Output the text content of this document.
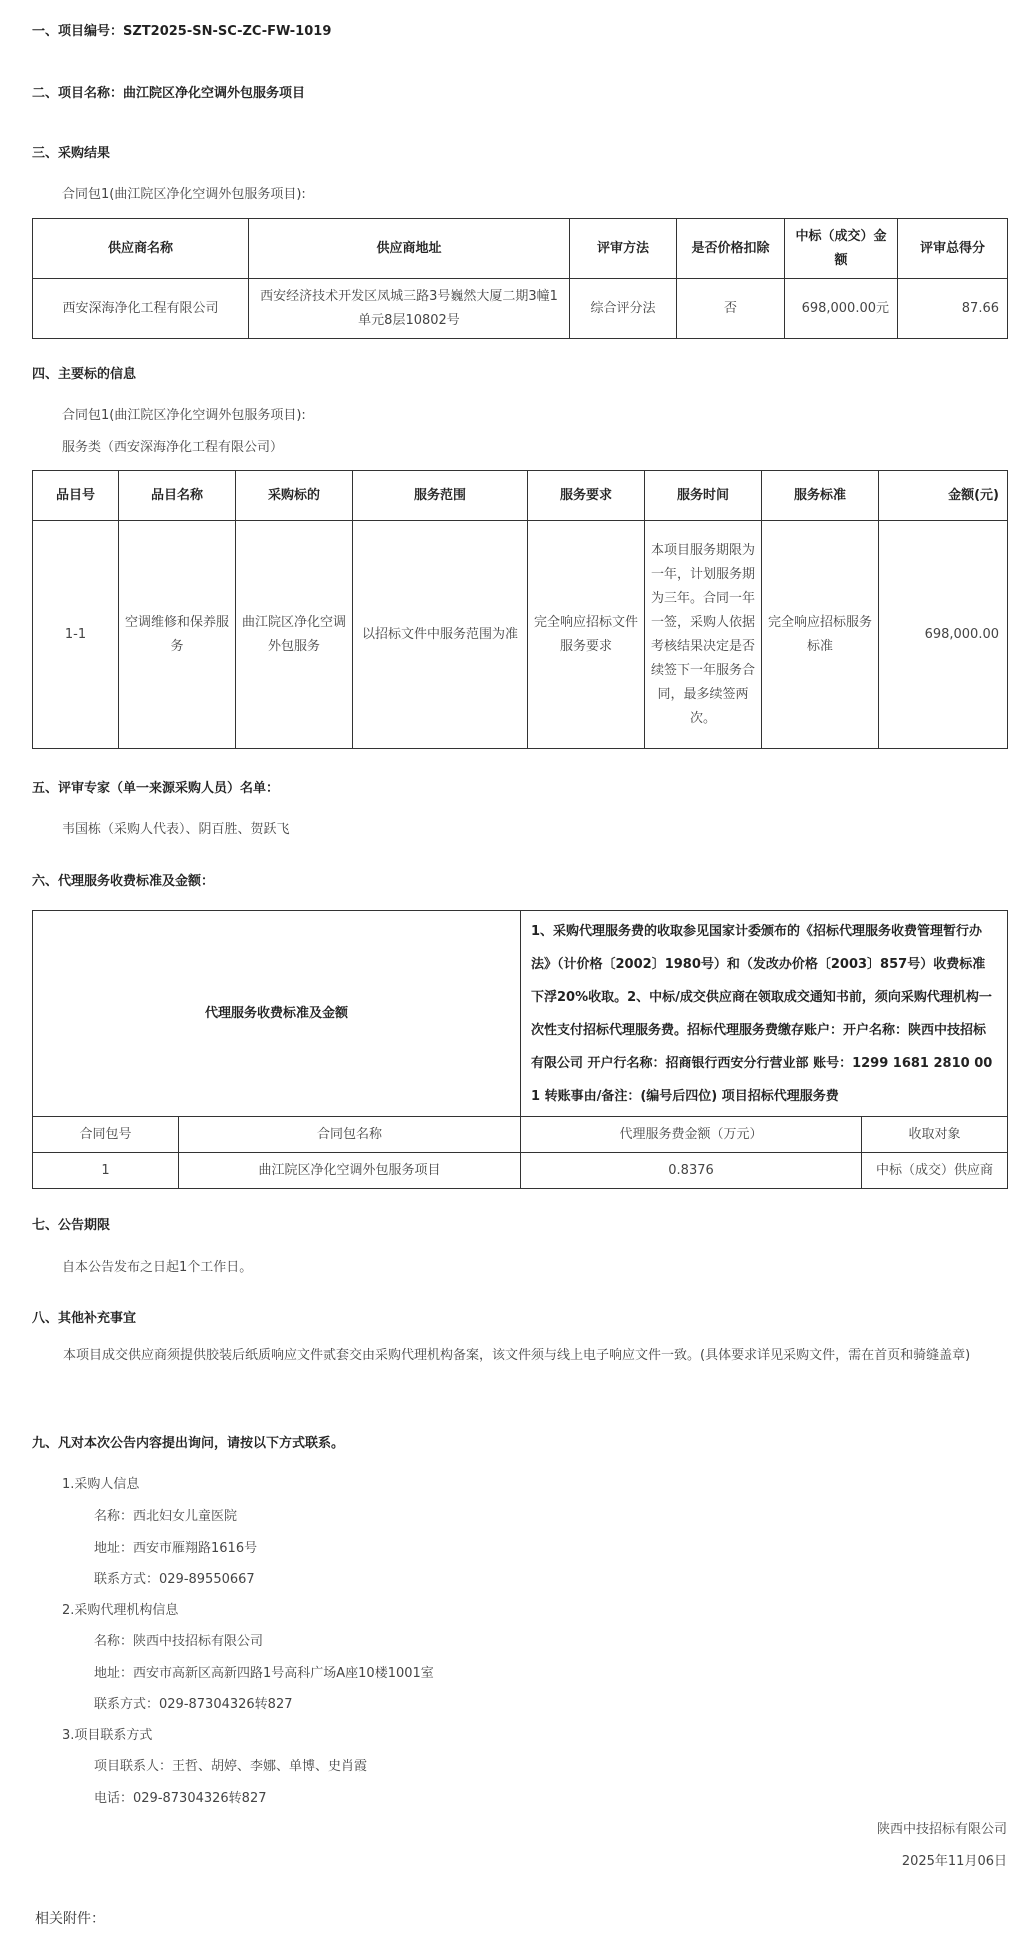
一、项目编号：SZT2025-SN-SC-ZC-FW-1019
二、项目名称：曲江院区净化空调外包服务项目
三、采购结果
合同包1(曲江院区净化空调外包服务项目):
供应商名称	供应商地址	评审方法	是否价格扣除	中标（成交）金额	评审总得分
西安深海净化工程有限公司	西安经济技术开发区凤城三路3号巍然大厦二期3幢1单元8层10802号	综合评分法	否	698,000.00元	87.66
四、主要标的信息
合同包1(曲江院区净化空调外包服务项目):
服务类（西安深海净化工程有限公司）
品目号	品目名称	采购标的	服务范围	服务要求	服务时间	服务标准	金额(元)
1-1	空调维修和保养服务	曲江院区净化空调外包服务	以招标文件中服务范围为准	完全响应招标文件服务要求	本项目服务期限为一年，计划服务期为三年。合同一年一签，采购人依据考核结果决定是否续签下一年服务合同，最多续签两次。	完全响应招标服务标准	698,000.00
五、评审专家（单一来源采购人员）名单：
韦国栋（采购人代表）、阴百胜、贺跃飞
六、代理服务收费标准及金额：
代理服务收费标准及金额		1、采购代理服务费的收取参见国家计委颁布的《招标代理服务收费管理暂行办法》（计价格〔2002〕1980号）和（发改办价格〔2003〕857号）收费标准下浮20%收取。2、中标/成交供应商在领取成交通知书前，须向采购代理机构一次性支付招标代理服务费。招标代理服务费缴存账户：开户名称：陕西中技招标有限公司 开户行名称：招商银行西安分行营业部 账号：1299 1681 2810 001 转账事由/备注：(编号后四位) 项目招标代理服务费	
合同包号	合同包名称	代理服务费金额（万元）	收取对象
1	曲江院区净化空调外包服务项目	0.8376	中标（成交）供应商
七、公告期限
自本公告发布之日起1个工作日。
八、其他补充事宜
本项目成交供应商须提供胶装后纸质响应文件贰套交由采购代理机构备案，该文件须与线上电子响应文件一致。(具体要求详见采购文件，需在首页和骑缝盖章)
九、凡对本次公告内容提出询问，请按以下方式联系。
1.采购人信息
名称：西北妇女儿童医院
地址：西安市雁翔路1616号
联系方式：029-89550667
2.采购代理机构信息
名称：陕西中技招标有限公司
地址：西安市高新区高新四路1号高科广场A座10楼1001室
联系方式：029-87304326转827
3.项目联系方式
项目联系人：王哲、胡婷、李娜、单博、史肖霞
电话：029-87304326转827
陕西中技招标有限公司
2025年11月06日
相关附件：
